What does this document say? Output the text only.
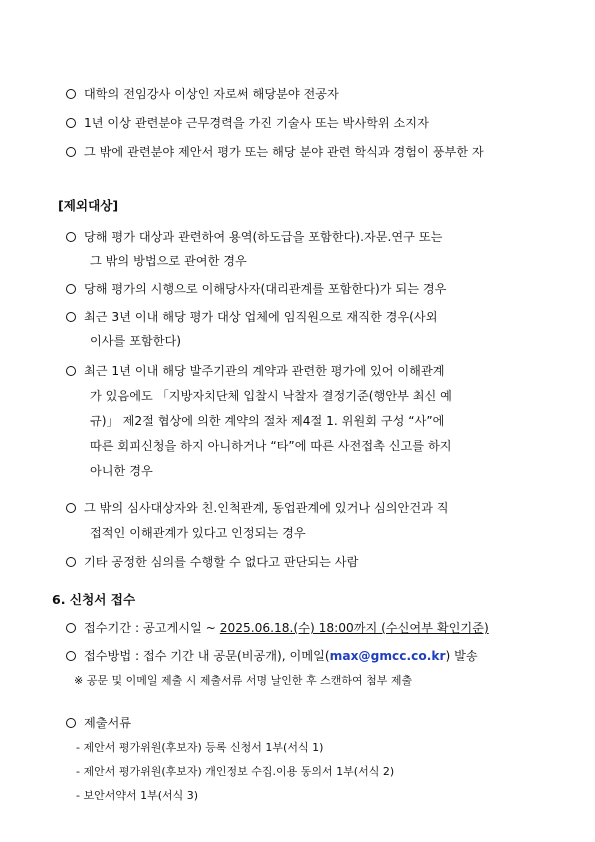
대학의 전임강사 이상인 자로써 해당분야 전공자
1년 이상 관련분야 근무경력을 가진 기술사 또는 박사학위 소지자
그 밖에 관련분야 제안서 평가 또는 해당 분야 관련 학식과 경험이 풍부한 자
[제외대상]
당해 평가 대상과 관련하여 용역(하도급을 포함한다).자문.연구 또는
그 밖의 방법으로 관여한 경우
당해 평가의 시행으로 이해당사자(대리관계를 포함한다)가 되는 경우
최근 3년 이내 해당 평가 대상 업체에 임직원으로 재직한 경우(사외
이사를 포함한다)
최근 1년 이내 해당 발주기관의 계약과 관련한 평가에 있어 이해관계
가 있음에도 「지방자치단체 입찰시 낙찰자 결정기준(행안부 최신 예
규)」 제2절 협상에 의한 계약의 절차 제4절 1. 위원회 구성 “사”에
따른 회피신청을 하지 아니하거나 “타”에 따른 사전접촉 신고를 하지
아니한 경우
그 밖의 심사대상자와 친.인척관계, 동업관계에 있거나 심의안건과 직
접적인 이해관계가 있다고 인정되는 경우
기타 공정한 심의를 수행할 수 없다고 판단되는 사람
6. 신청서 접수
접수기간 : 공고게시일 ~ 2025.06.18.(수) 18:00까지 (수신여부 확인기준)
접수방법 : 접수 기간 내 공문(비공개), 이메일(max@gmcc.co.kr) 발송
※ 공문 및 이메일 제출 시 제출서류 서명 날인한 후 스캔하여 첨부 제출
제출서류
- 제안서 평가위원(후보자) 등록 신청서 1부(서식 1)
- 제안서 평가위원(후보자) 개인정보 수집.이용 동의서 1부(서식 2)
- 보안서약서 1부(서식 3)
